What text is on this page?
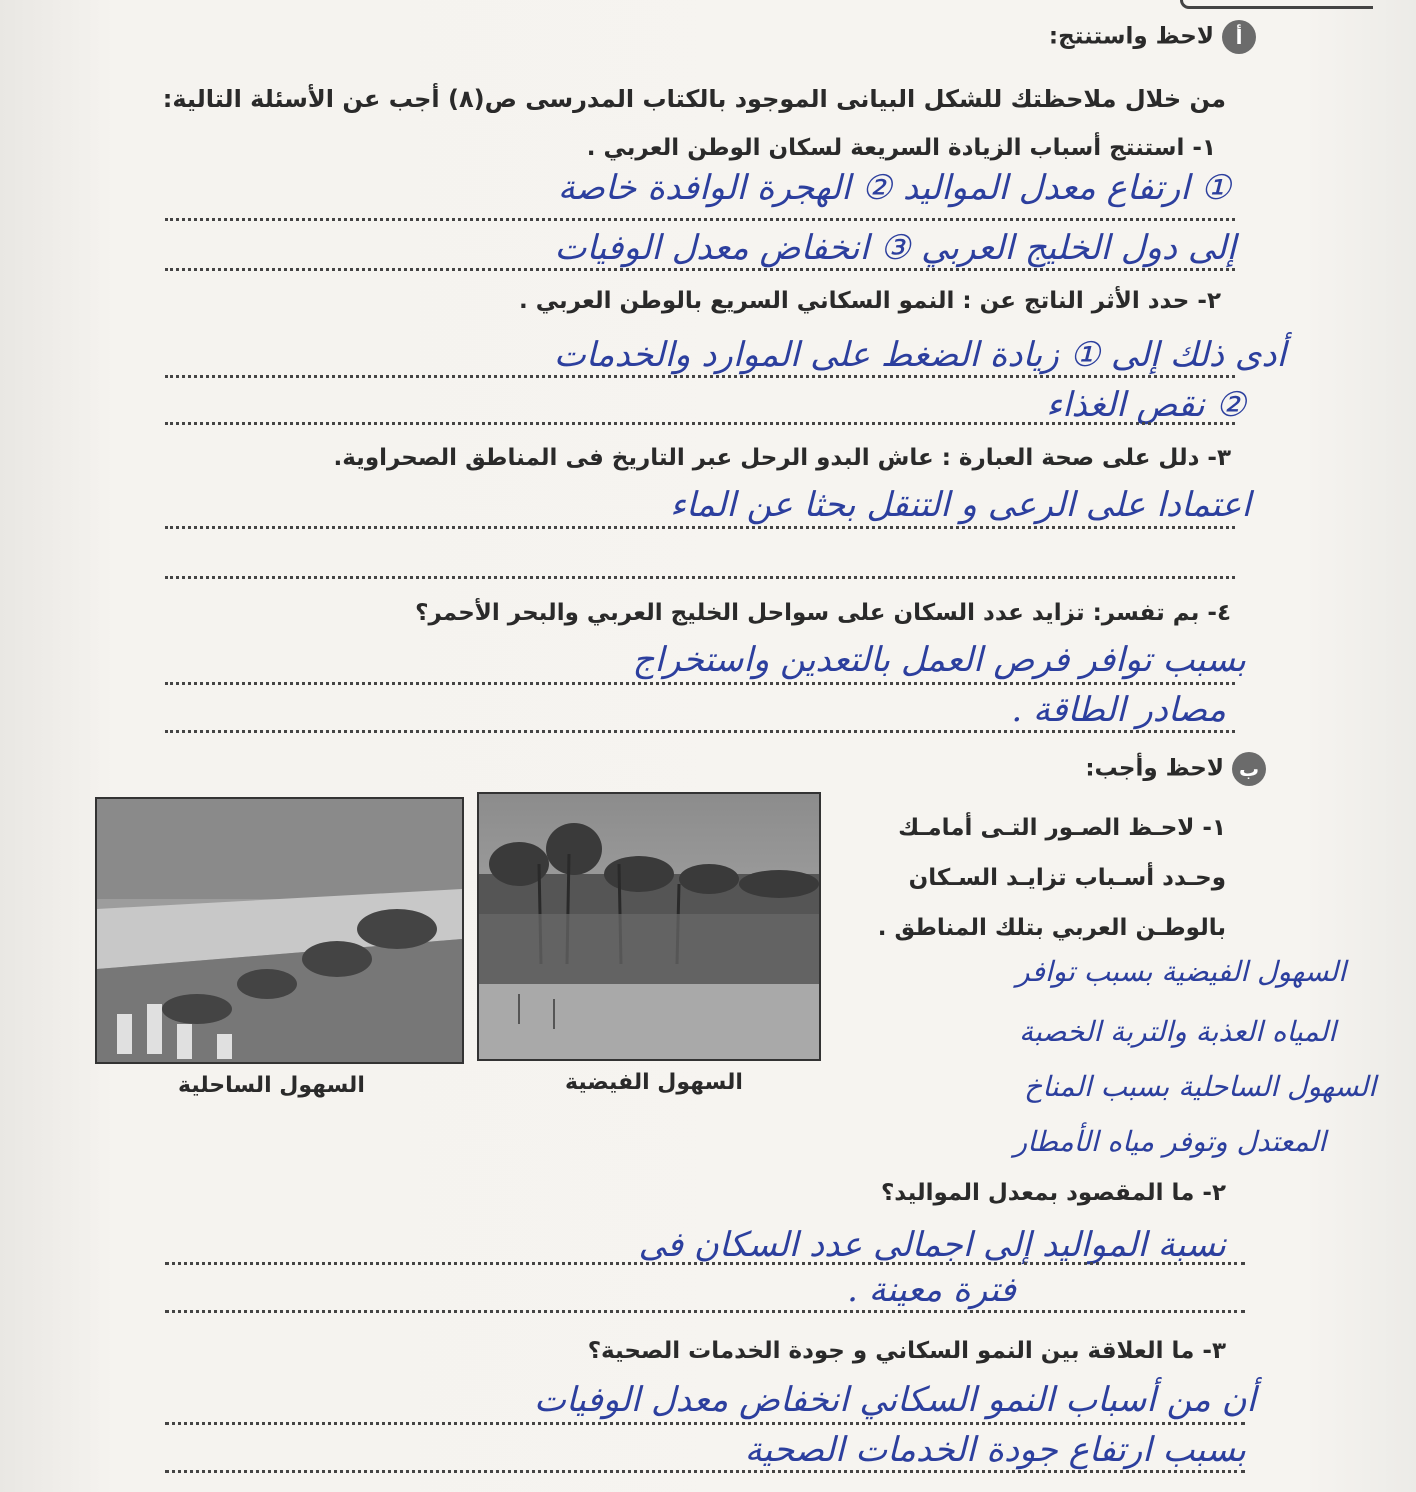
ألاحظ واستنتج:
من خلال ملاحظتك للشكل البيانى الموجود بالكتاب المدرسى ص(٨) أجب عن الأسئلة التالية:
١- استنتج أسباب الزيادة السريعة لسكان الوطن العربي .
① ارتفاع معدل المواليد ② الهجرة الوافدة خاصة
إلى دول الخليج العربي ③ انخفاض معدل الوفيات
٢- حدد الأثر الناتج عن : النمو السكاني السريع بالوطن العربي .
أدى ذلك إلى ① زيادة الضغط على الموارد والخدمات
② نقص الغذاء
٣- دلل على صحة العبارة : عاش البدو الرحل عبر التاريخ فى المناطق الصحراوية.
اعتمادا على الرعى و التنقل بحثا عن الماء
٤- بم تفسر: تزايد عدد السكان على سواحل الخليج العربي والبحر الأحمر؟
بسبب توافر فرص العمل بالتعدين واستخراج
مصادر الطاقة .
بلاحظ وأجب:
السهول الفيضية
السهول الساحلية
١- لاحـظ الصـور التـى أمامـك
وحـدد أسـباب تزايـد السـكان
بالوطـن العربي بتلك المناطق .
السهول الفيضية بسبب توافر
المياه العذبة والتربة الخصبة
السهول الساحلية بسبب المناخ
المعتدل وتوفر مياه الأمطار
٢- ما المقصود بمعدل المواليد؟
نسبة المواليد إلى اجمالى عدد السكان فى
فترة معينة .
٣- ما العلاقة بين النمو السكاني و جودة الخدمات الصحية؟
أن من أسباب النمو السكاني انخفاض معدل الوفيات
بسبب ارتفاع جودة الخدمات الصحية
